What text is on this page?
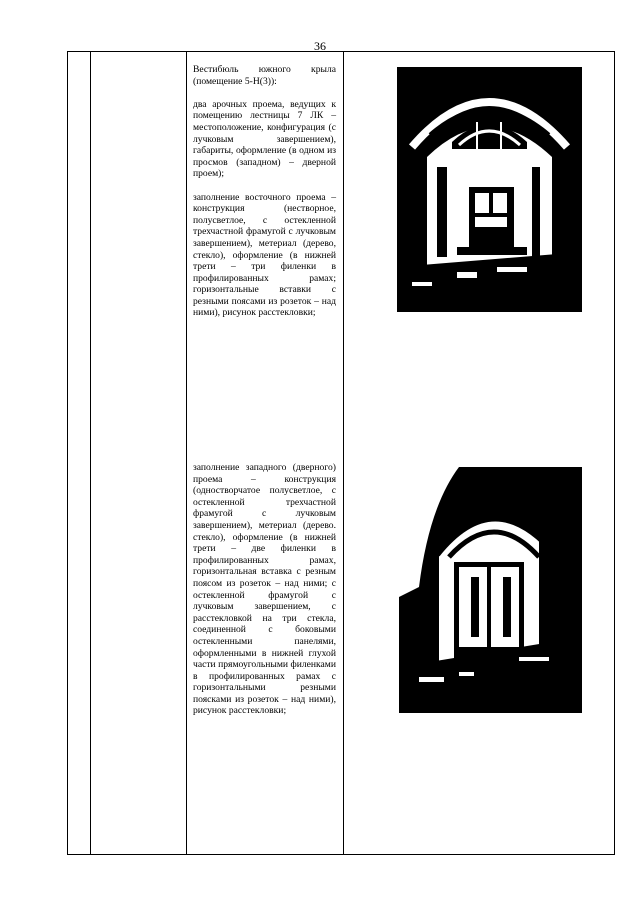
36

Вестибюль южного крыла (помещение 5-Н(3)):

два арочных проема, ведущих к помещению лестницы 7 ЛК –местоположение, конфигурация (с лучковым завершением), габариты, оформление (в одном из просмов (западном) – дверной проем);

заполнение восточного проема – конструкция (нестворное, полусветлое, с остекленной трехчастной фрамугой с лучковым завершением), метериал (дерево, стекло), оформление (в нижней трети – три филенки в профилированных рамах; горизонтальные вставки с резными поясами из розеток – над ними), рисунок расстекловки;

заполнение западного (дверного) проема – конструкция (одностворчатое полусветлое, с остекленной трехчастной фрамугой с лучковым завершением), метериал (дерево. стекло), оформление (в нижней трети – две филенки в профилированных рамах, горизонтальная вставка с резным поясом из розеток – над ними; с остекленной фрамугой с лучковым завершением, с расстекловкой на три стекла, соединенной с боковыми остекленными панелями, оформленными в нижней глухой части прямоугольными филенками в профилированных рамах с горизонтальными резными поясками из розеток – над ними), рисунок расстекловки;
